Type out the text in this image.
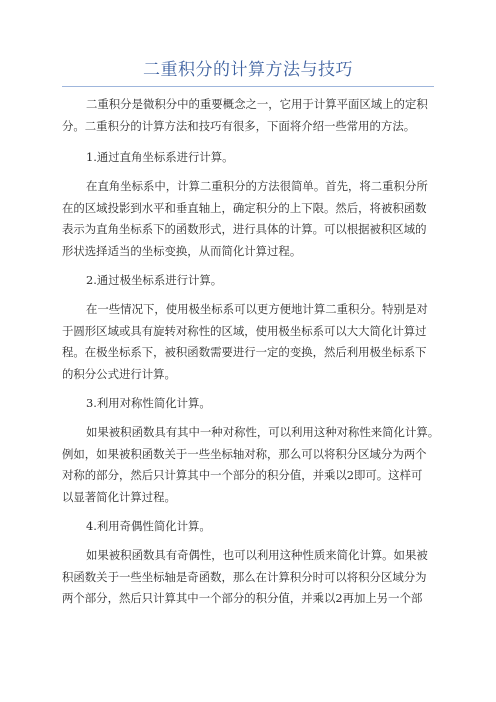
二重积分的计算方法与技巧
二重积分是微积分中的重要概念之一，它用于计算平面区域上的定积
分。二重积分的计算方法和技巧有很多，下面将介绍一些常用的方法。
1.通过直角坐标系进行计算。
在直角坐标系中，计算二重积分的方法很简单。首先，将二重积分所
在的区域投影到水平和垂直轴上，确定积分的上下限。然后，将被积函数
表示为直角坐标系下的函数形式，进行具体的计算。可以根据被积区域的
形状选择适当的坐标变换，从而简化计算过程。
2.通过极坐标系进行计算。
在一些情况下，使用极坐标系可以更方便地计算二重积分。特别是对
于圆形区域或具有旋转对称性的区域，使用极坐标系可以大大简化计算过
程。在极坐标系下，被积函数需要进行一定的变换，然后利用极坐标系下
的积分公式进行计算。
3.利用对称性简化计算。
如果被积函数具有其中一种对称性，可以利用这种对称性来简化计算。
例如，如果被积函数关于一些坐标轴对称，那么可以将积分区域分为两个
对称的部分，然后只计算其中一个部分的积分值，并乘以2即可。这样可
以显著简化计算过程。
4.利用奇偶性简化计算。
如果被积函数具有奇偶性，也可以利用这种性质来简化计算。如果被
积函数关于一些坐标轴是奇函数，那么在计算积分时可以将积分区域分为
两个部分，然后只计算其中一个部分的积分值，并乘以2再加上另一个部
